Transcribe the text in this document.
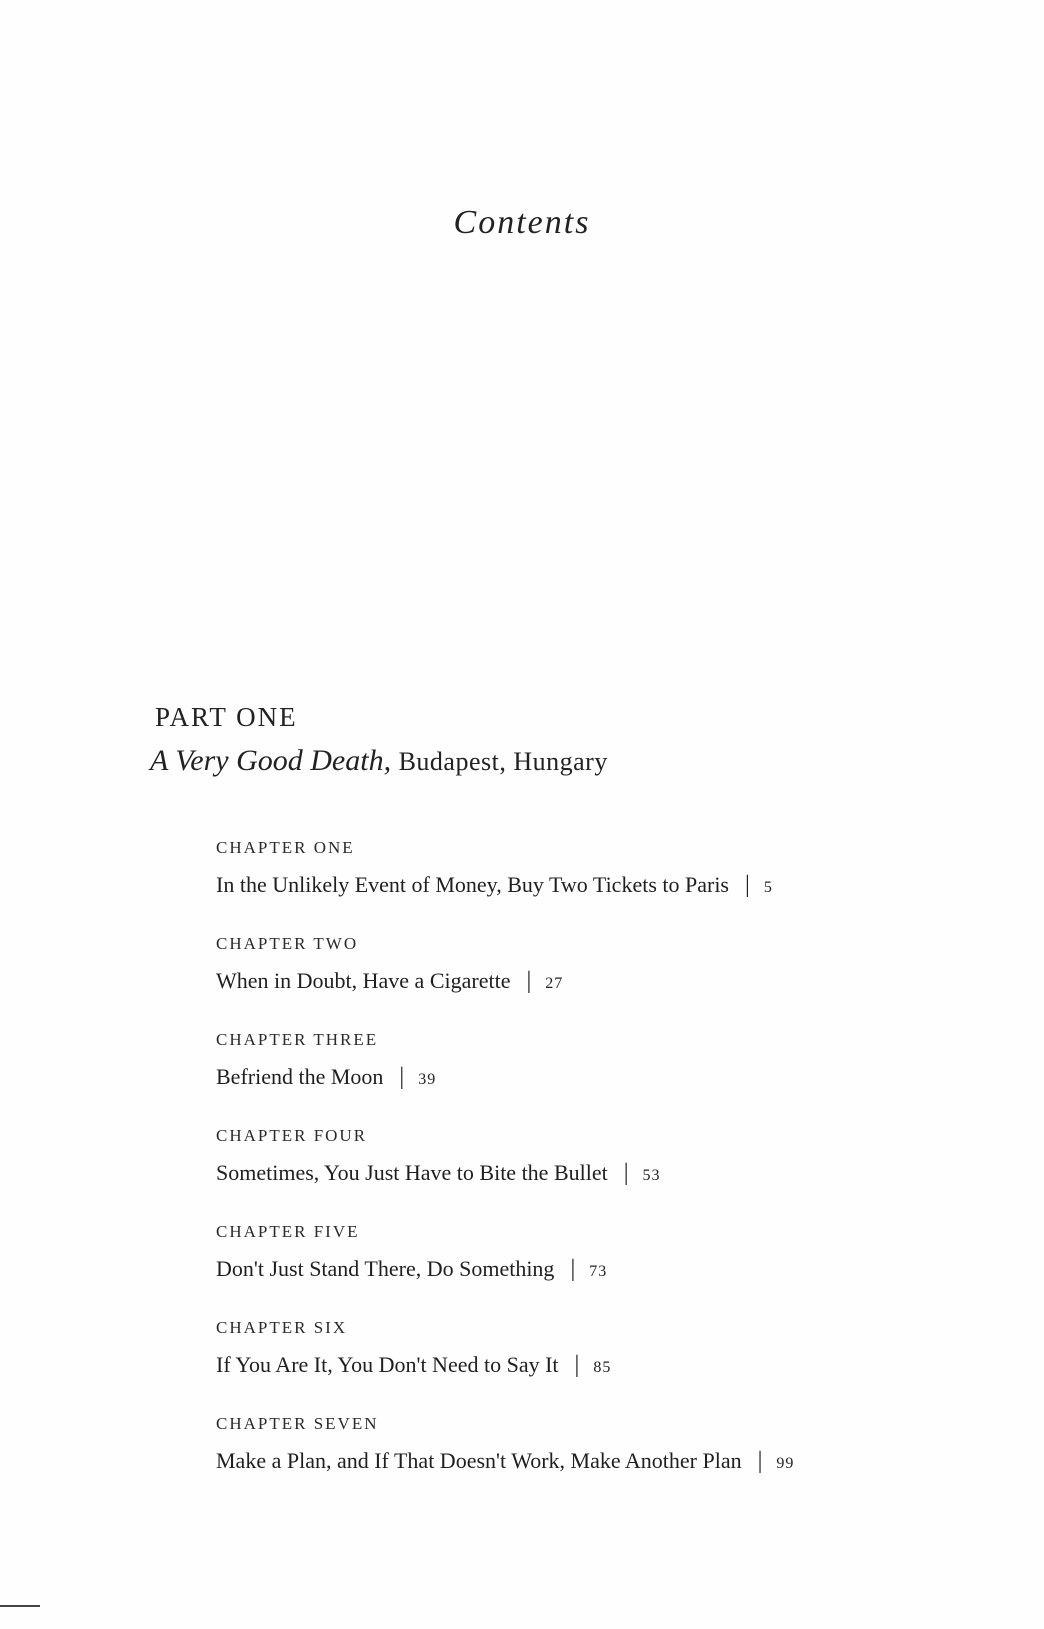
Contents
PART ONE
A Very Good Death, Budapest, Hungary
CHAPTER ONE
In the Unlikely Event of Money, Buy Two Tickets to Paris | 5
CHAPTER TWO
When in Doubt, Have a Cigarette | 27
CHAPTER THREE
Befriend the Moon | 39
CHAPTER FOUR
Sometimes, You Just Have to Bite the Bullet | 53
CHAPTER FIVE
Don't Just Stand There, Do Something | 73
CHAPTER SIX
If You Are It, You Don't Need to Say It | 85
CHAPTER SEVEN
Make a Plan, and If That Doesn't Work, Make Another Plan | 99
